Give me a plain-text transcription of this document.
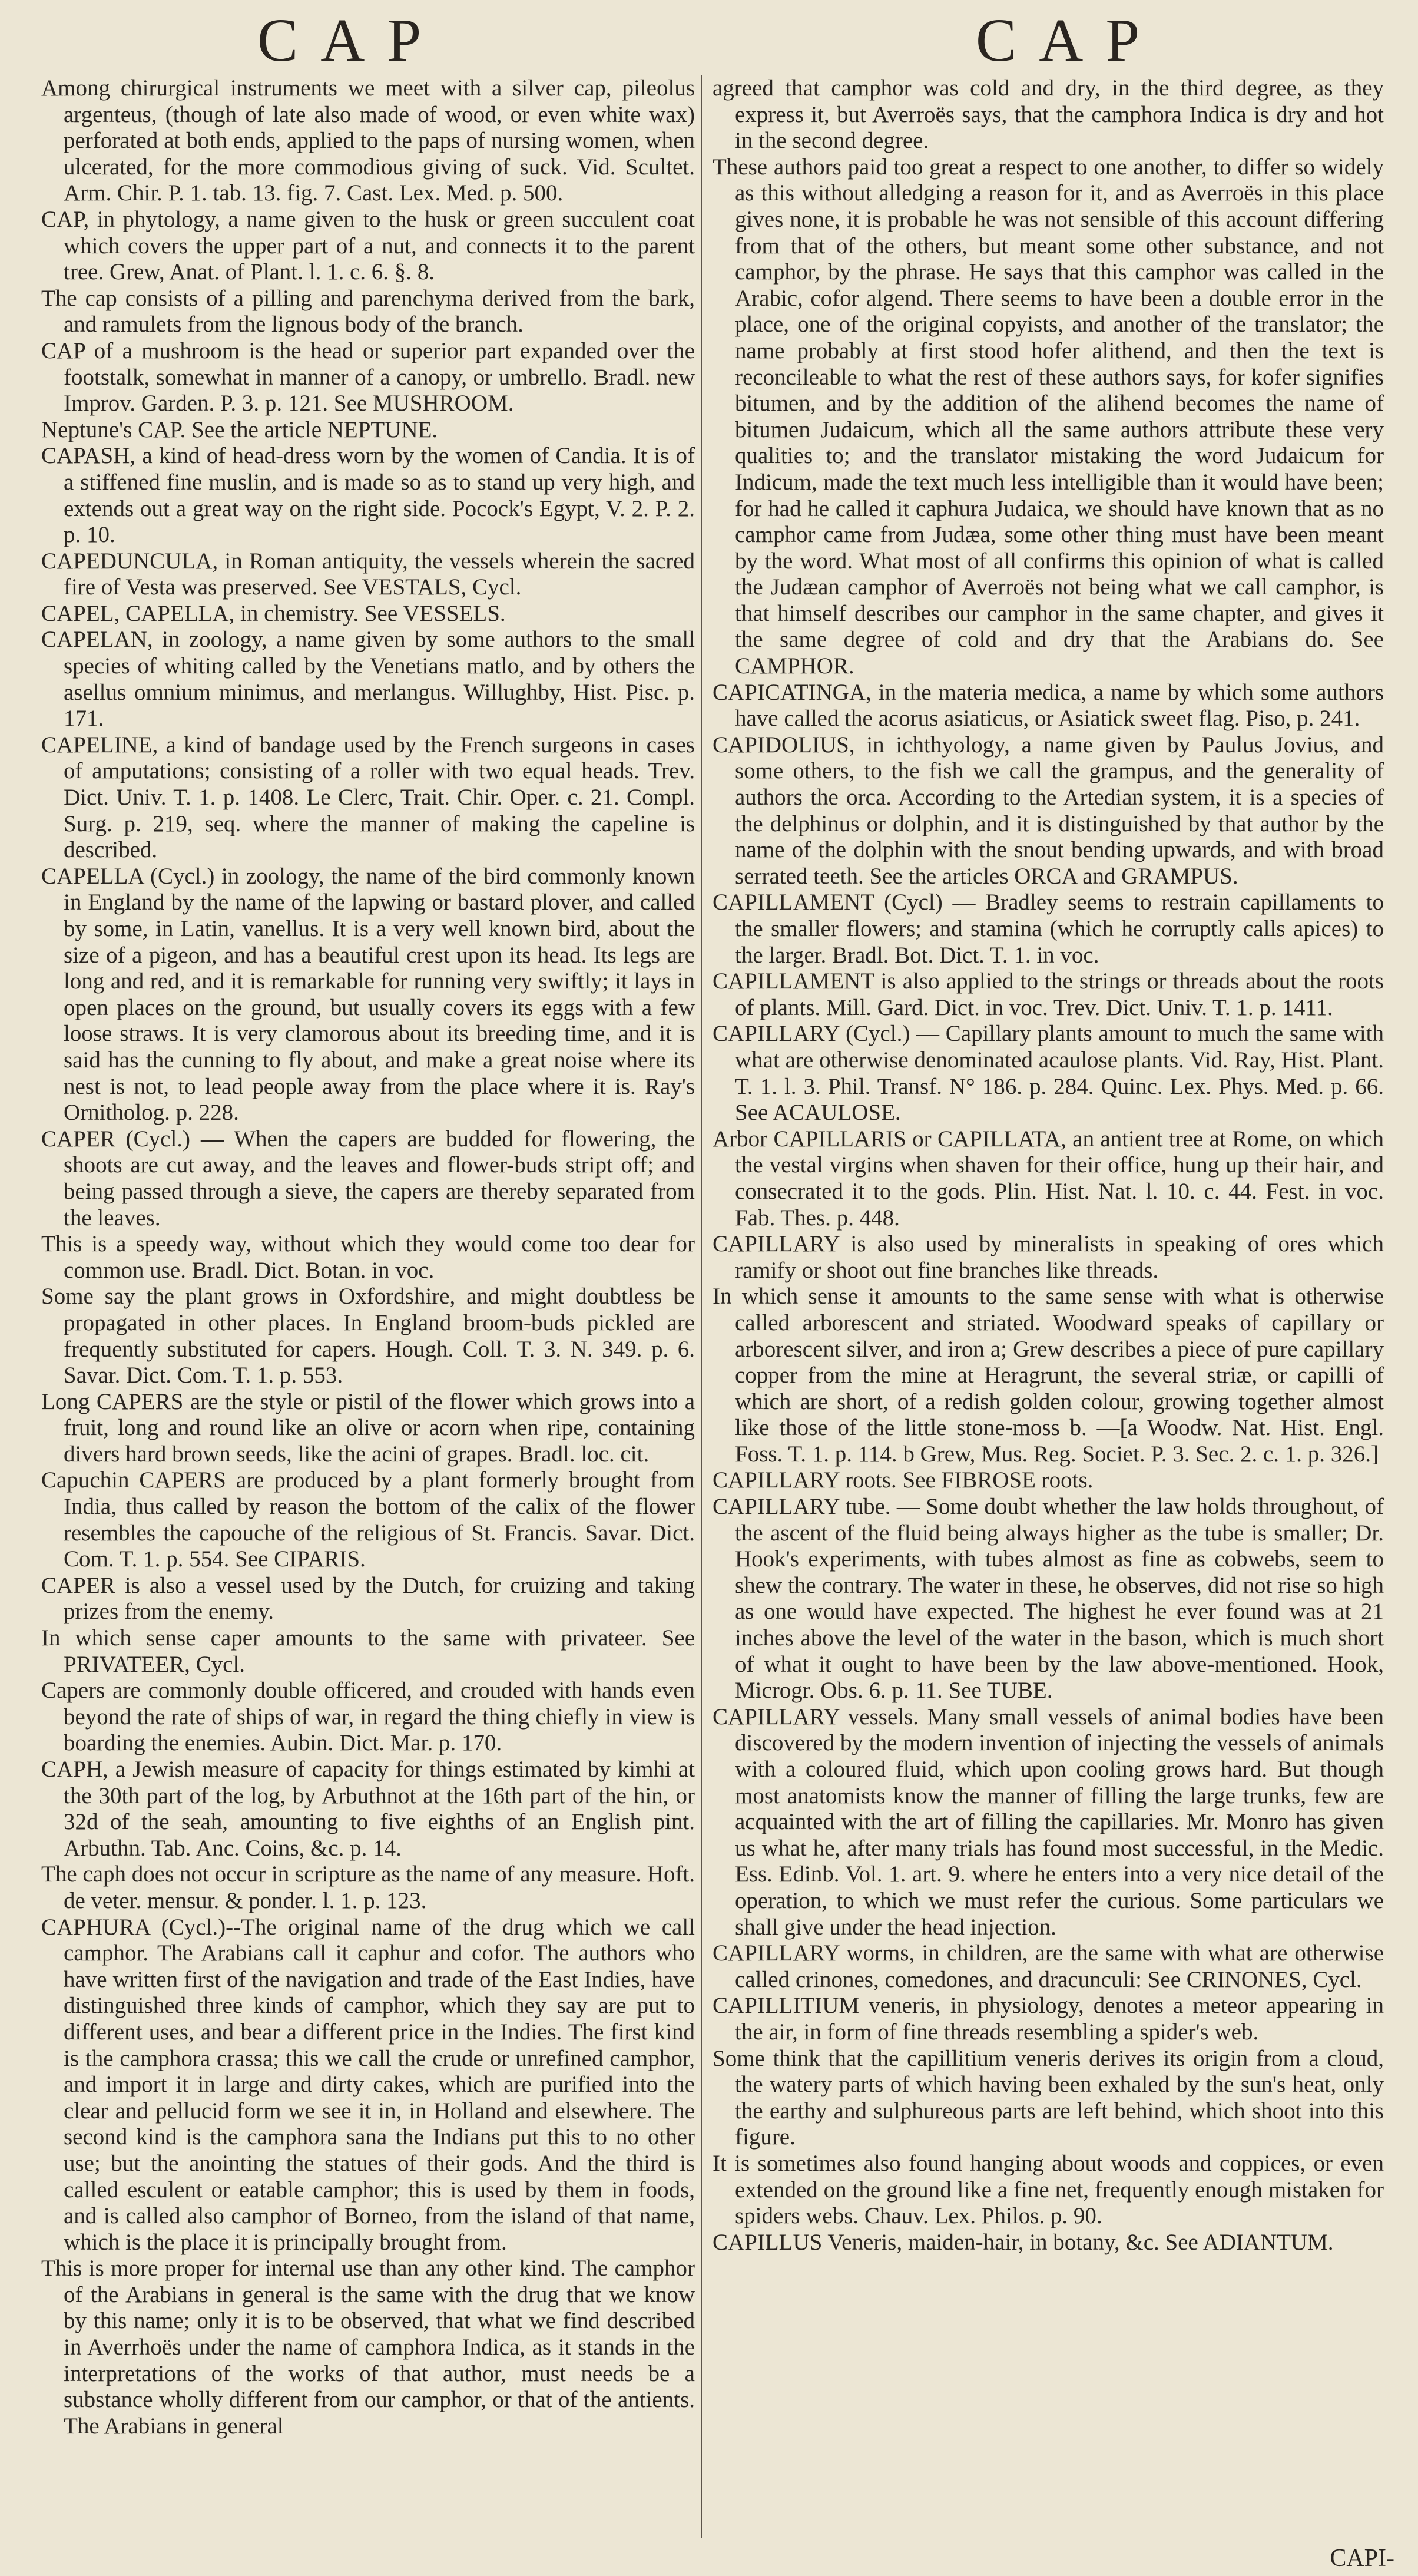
CAP	CAP

Among chirurgical instruments we meet with a silver cap, pileolus argenteus, (though of late also made of wood, or even white wax) perforated at both ends, applied to the paps of nursing women, when ulcerated, for the more commodious giving of suck. Vid. Scultet. Arm. Chir. P. 1. tab. 13. fig. 7. Cast. Lex. Med. p. 500.

CAP, in phytology, a name given to the husk or green succulent coat which covers the upper part of a nut, and connects it to the parent tree. Grew, Anat. of Plant. l. 1. c. 6. §. 8.

The cap consists of a pilling and parenchyma derived from the bark, and ramulets from the lignous body of the branch.

CAP of a mushroom is the head or superior part expanded over the footstalk, somewhat in manner of a canopy, or umbrello. Bradl. new Improv. Garden. P. 3. p. 121. See MUSHROOM.

Neptune's CAP. See the article NEPTUNE.

CAPASH, a kind of head-dress worn by the women of Candia. It is of a stiffened fine muslin, and is made so as to stand up very high, and extends out a great way on the right side. Pocock's Egypt, V. 2. P. 2. p. 10.

CAPEDUNCULA, in Roman antiquity, the vessels wherein the sacred fire of Vesta was preserved. See VESTALS, Cycl.

CAPEL, CAPELLA, in chemistry. See VESSELS.

CAPELAN, in zoology, a name given by some authors to the small species of whiting called by the Venetians matlo, and by others the asellus omnium minimus, and merlangus. Willughby, Hist. Pisc. p. 171.

CAPELINE, a kind of bandage used by the French surgeons in cases of amputations; consisting of a roller with two equal heads. Trev. Dict. Univ. T. 1. p. 1408. Le Clerc, Trait. Chir. Oper. c. 21. Compl. Surg. p. 219, seq. where the manner of making the capeline is described.

CAPELLA (Cycl.) in zoology, the name of the bird commonly known in England by the name of the lapwing or bastard plover, and called by some, in Latin, vanellus. It is a very well known bird, about the size of a pigeon, and has a beautiful crest upon its head. Its legs are long and red, and it is remarkable for running very swiftly; it lays in open places on the ground, but usually covers its eggs with a few loose straws. It is very clamorous about its breeding time, and it is said has the cunning to fly about, and make a great noise where its nest is not, to lead people away from the place where it is. Ray's Ornitholog. p. 228.

CAPER (Cycl.) — When the capers are budded for flowering, the shoots are cut away, and the leaves and flower-buds stript off; and being passed through a sieve, the capers are thereby separated from the leaves.

This is a speedy way, without which they would come too dear for common use. Bradl. Dict. Botan. in voc.

Some say the plant grows in Oxfordshire, and might doubtless be propagated in other places. In England broom-buds pickled are frequently substituted for capers. Hough. Coll. T. 3. N. 349. p. 6. Savar. Dict. Com. T. 1. p. 553.

Long CAPERS are the style or pistil of the flower which grows into a fruit, long and round like an olive or acorn when ripe, containing divers hard brown seeds, like the acini of grapes. Bradl. loc. cit.

Capuchin CAPERS are produced by a plant formerly brought from India, thus called by reason the bottom of the calix of the flower resembles the capouche of the religious of St. Francis. Savar. Dict. Com. T. 1. p. 554. See CIPARIS.

CAPER is also a vessel used by the Dutch, for cruizing and taking prizes from the enemy.

In which sense caper amounts to the same with privateer. See PRIVATEER, Cycl.

Capers are commonly double officered, and crouded with hands even beyond the rate of ships of war, in regard the thing chiefly in view is boarding the enemies. Aubin. Dict. Mar. p. 170.

CAPH, a Jewish measure of capacity for things estimated by kimhi at the 30th part of the log, by Arbuthnot at the 16th part of the hin, or 32d of the seah, amounting to five eighths of an English pint. Arbuthn. Tab. Anc. Coins, &c. p. 14.

The caph does not occur in scripture as the name of any measure. Hoft. de veter. mensur. & ponder. l. 1. p. 123.

CAPHURA (Cycl.)--The original name of the drug which we call camphor. The Arabians call it caphur and cofor. The authors who have written first of the navigation and trade of the East Indies, have distinguished three kinds of camphor, which they say are put to different uses, and bear a different price in the Indies. The first kind is the camphora crassa; this we call the crude or unrefined camphor, and import it in large and dirty cakes, which are purified into the clear and pellucid form we see it in, in Holland and elsewhere. The second kind is the camphora sana the Indians put this to no other use; but the anointing the statues of their gods. And the third is called esculent or eatable camphor; this is used by them in foods, and is called also camphor of Borneo, from the island of that name, which is the place it is principally brought from.

This is more proper for internal use than any other kind. The camphor of the Arabians in general is the same with the drug that we know by this name; only it is to be observed, that what we find described in Averrhoës under the name of camphora Indica, as it stands in the interpretations of the works of that author, must needs be a substance wholly different from our camphor, or that of the antients. The Arabians in general

agreed that camphor was cold and dry, in the third degree, as they express it, but Averroës says, that the camphora Indica is dry and hot in the second degree.

These authors paid too great a respect to one another, to differ so widely as this without alledging a reason for it, and as Averroës in this place gives none, it is probable he was not sensible of this account differing from that of the others, but meant some other substance, and not camphor, by the phrase. He says that this camphor was called in the Arabic, cofor algend. There seems to have been a double error in the place, one of the original copyists, and another of the translator; the name probably at first stood hofer alithend, and then the text is reconcileable to what the rest of these authors says, for kofer signifies bitumen, and by the addition of the alihend becomes the name of bitumen Judaicum, which all the same authors attribute these very qualities to; and the translator mistaking the word Judaicum for Indicum, made the text much less intelligible than it would have been; for had he called it caphura Judaica, we should have known that as no camphor came from Judæa, some other thing must have been meant by the word. What most of all confirms this opinion of what is called the Judæan camphor of Averroës not being what we call camphor, is that himself describes our camphor in the same chapter, and gives it the same degree of cold and dry that the Arabians do. See CAMPHOR.

CAPICATINGA, in the materia medica, a name by which some authors have called the acorus asiaticus, or Asiatick sweet flag. Piso, p. 241.

CAPIDOLIUS, in ichthyology, a name given by Paulus Jovius, and some others, to the fish we call the grampus, and the generality of authors the orca. According to the Artedian system, it is a species of the delphinus or dolphin, and it is distinguished by that author by the name of the dolphin with the snout bending upwards, and with broad serrated teeth. See the articles ORCA and GRAMPUS.

CAPILLAMENT (Cycl) — Bradley seems to restrain capillaments to the smaller flowers; and stamina (which he corruptly calls apices) to the larger. Bradl. Bot. Dict. T. 1. in voc.

CAPILLAMENT is also applied to the strings or threads about the roots of plants. Mill. Gard. Dict. in voc. Trev. Dict. Univ. T. 1. p. 1411.

CAPILLARY (Cycl.) — Capillary plants amount to much the same with what are otherwise denominated acaulose plants. Vid. Ray, Hist. Plant. T. 1. l. 3. Phil. Transf. N° 186. p. 284. Quinc. Lex. Phys. Med. p. 66. See ACAULOSE.

Arbor CAPILLARIS or CAPILLATA, an antient tree at Rome, on which the vestal virgins when shaven for their office, hung up their hair, and consecrated it to the gods. Plin. Hist. Nat. l. 10. c. 44. Fest. in voc. Fab. Thes. p. 448.

CAPILLARY is also used by mineralists in speaking of ores which ramify or shoot out fine branches like threads.

In which sense it amounts to the same sense with what is otherwise called arborescent and striated. Woodward speaks of capillary or arborescent silver, and iron a; Grew describes a piece of pure capillary copper from the mine at Heragrunt, the several striæ, or capilli of which are short, of a redish golden colour, growing together almost like those of the little stone-moss b. —[a Woodw. Nat. Hist. Engl. Foss. T. 1. p. 114. b Grew, Mus. Reg. Societ. P. 3. Sec. 2. c. 1. p. 326.]

CAPILLARY roots. See FIBROSE roots.

CAPILLARY tube. — Some doubt whether the law holds throughout, of the ascent of the fluid being always higher as the tube is smaller; Dr. Hook's experiments, with tubes almost as fine as cobwebs, seem to shew the contrary. The water in these, he observes, did not rise so high as one would have expected. The highest he ever found was at 21 inches above the level of the water in the bason, which is much short of what it ought to have been by the law above-mentioned. Hook, Microgr. Obs. 6. p. 11. See TUBE.

CAPILLARY vessels. Many small vessels of animal bodies have been discovered by the modern invention of injecting the vessels of animals with a coloured fluid, which upon cooling grows hard. But though most anatomists know the manner of filling the large trunks, few are acquainted with the art of filling the capillaries. Mr. Monro has given us what he, after many trials has found most successful, in the Medic. Ess. Edinb. Vol. 1. art. 9. where he enters into a very nice detail of the operation, to which we must refer the curious. Some particulars we shall give under the head injection.

CAPILLARY worms, in children, are the same with what are otherwise called crinones, comedones, and dracunculi: See CRINONES, Cycl.

CAPILLITIUM veneris, in physiology, denotes a meteor appearing in the air, in form of fine threads resembling a spider's web.

Some think that the capillitium veneris derives its origin from a cloud, the watery parts of which having been exhaled by the sun's heat, only the earthy and sulphureous parts are left behind, which shoot into this figure.

It is sometimes also found hanging about woods and coppices, or even extended on the ground like a fine net, frequently enough mistaken for spiders webs. Chauv. Lex. Philos. p. 90.

CAPILLUS Veneris, maiden-hair, in botany, &c. See ADIANTUM.

CAPI-
